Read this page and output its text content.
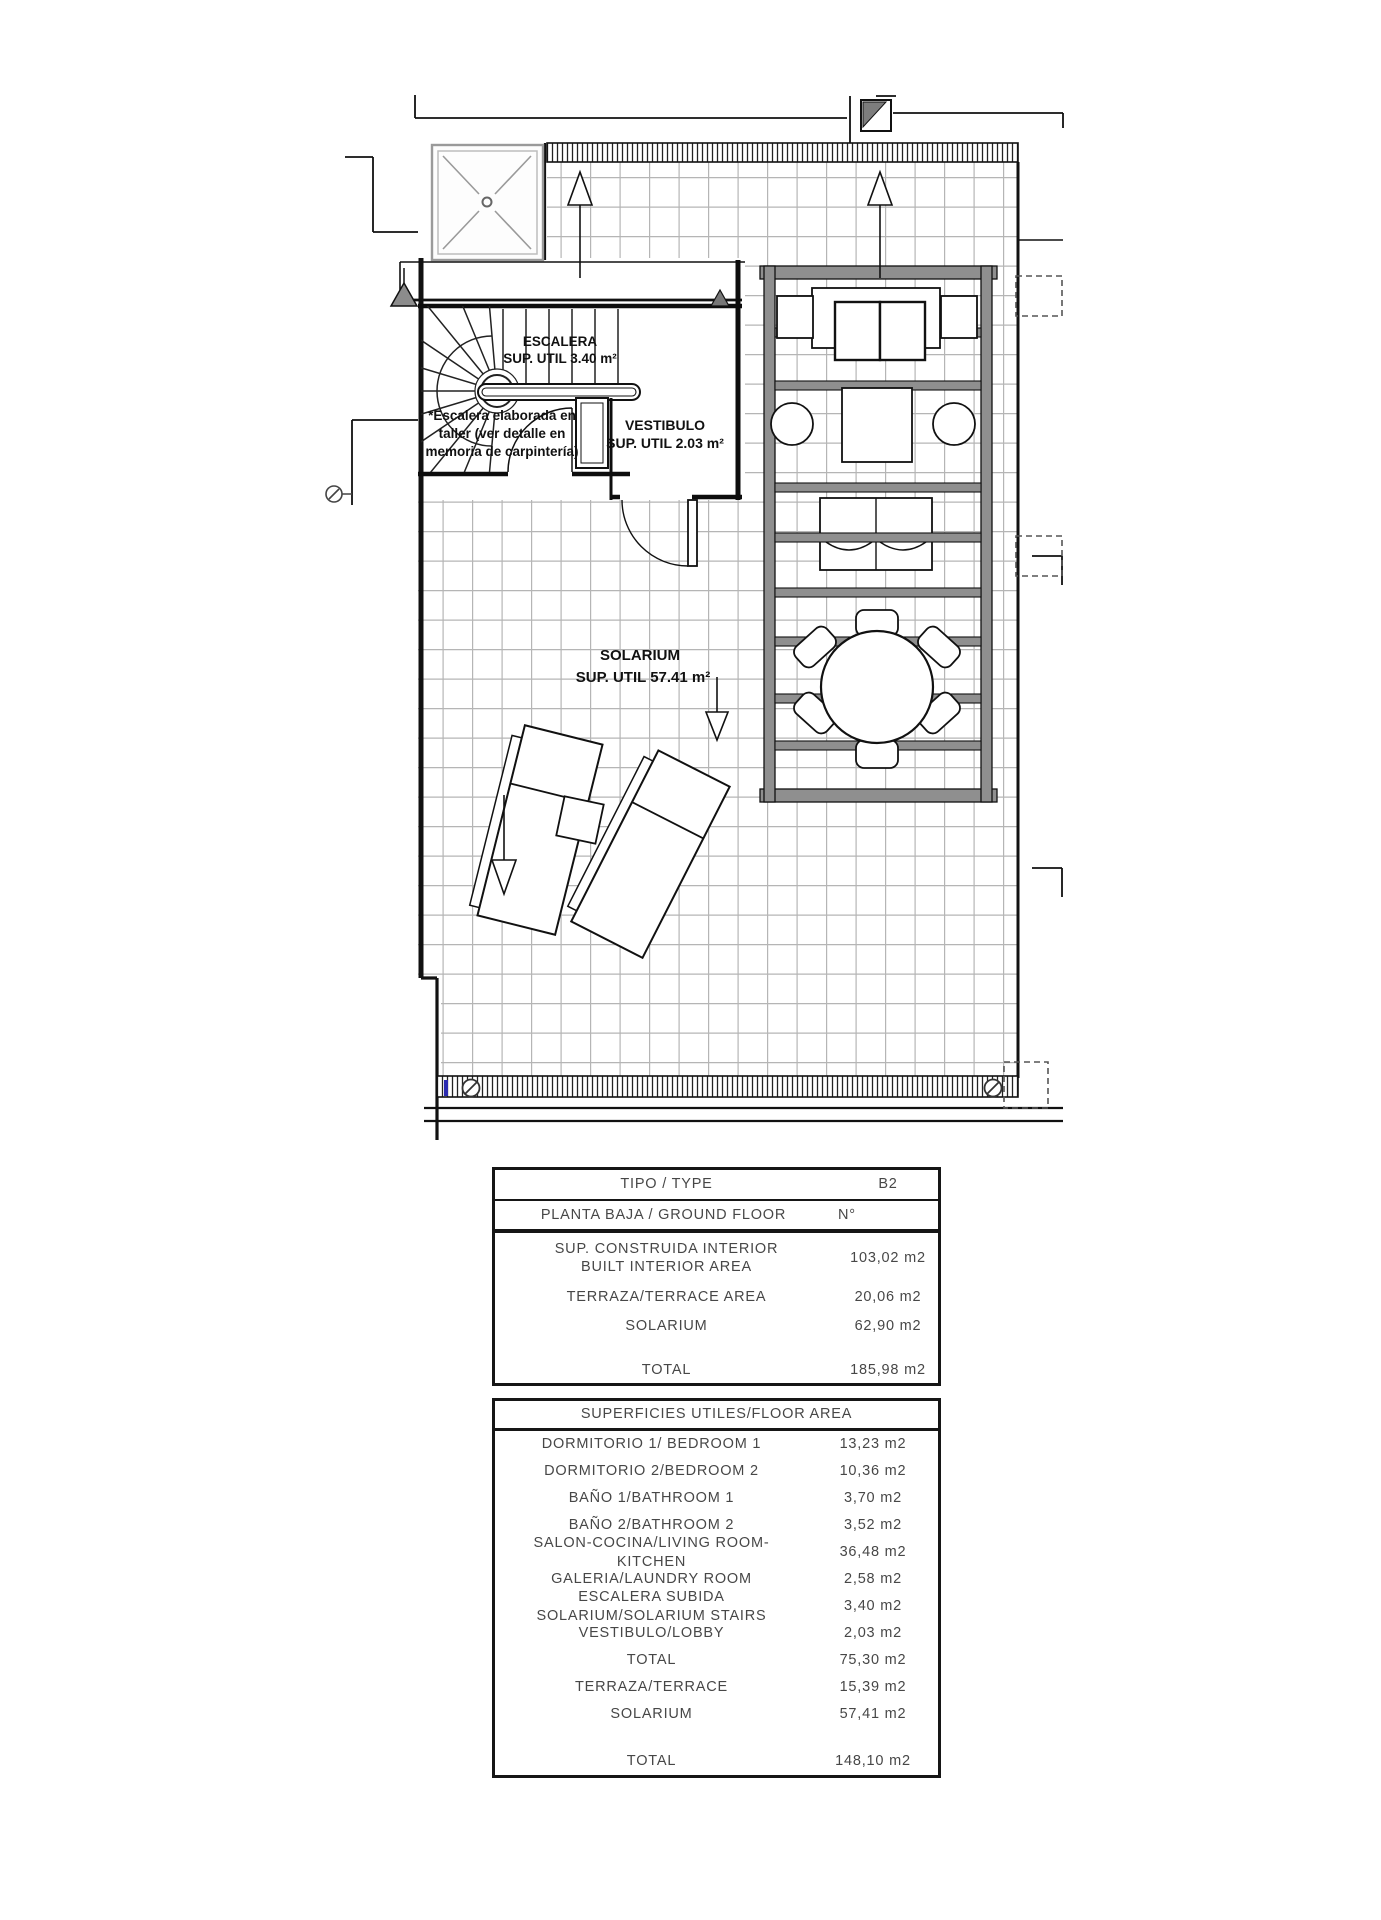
ESCALERA
SUP. UTIL 3.40 m²
*Escalera elaborada en
taller (ver detalle en
memoria de carpintería)
VESTIBULO
SUP. UTIL 2.03 m²
SOLARIUM
SUP. UTIL 57.41 m²
TIPO / TYPE	B2
PLANTA BAJA / GROUND FLOOR	N°
SUP. CONSTRUIDA INTERIOR
BUILT INTERIOR AREA
103,02 m2
TERRAZA/TERRACE AREA	20,06 m2
SOLARIUM	62,90 m2
TOTAL	185,98 m2
SUPERFICIES UTILES/FLOOR AREA
DORMITORIO 1/ BEDROOM 1	13,23 m2
DORMITORIO 2/BEDROOM 2	10,36 m2
BAÑO 1/BATHROOM 1	3,70 m2
BAÑO 2/BATHROOM 2	3,52 m2
SALON-COCINA/LIVING ROOM-KITCHEN
36,48 m2
GALERIA/LAUNDRY ROOM	2,58 m2
ESCALERA SUBIDA SOLARIUM/SOLARIUM STAIRS
3,40 m2
VESTIBULO/LOBBY	2,03 m2
TOTAL	75,30 m2
TERRAZA/TERRACE	15,39 m2
SOLARIUM	57,41 m2
TOTAL	148,10 m2
